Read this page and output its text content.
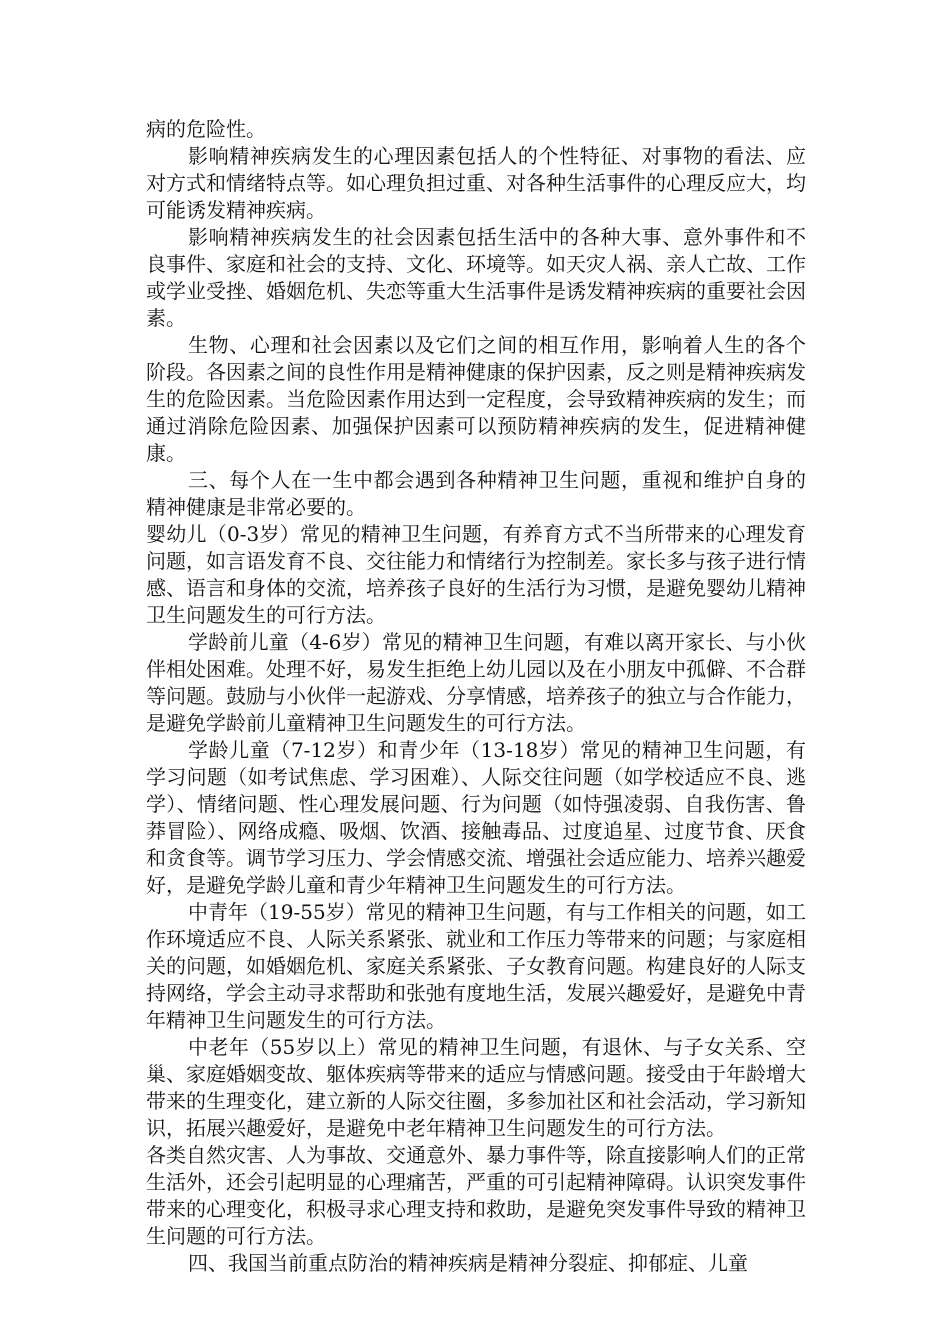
病的危险性。

影响精神疾病发生的心理因素包括人的个性特征、对事物的看法、应对方式和情绪特点等。如心理负担过重、对各种生活事件的心理反应大，均可能诱发精神疾病。

影响精神疾病发生的社会因素包括生活中的各种大事、意外事件和不良事件、家庭和社会的支持、文化、环境等。如天灾人祸、亲人亡故、工作或学业受挫、婚姻危机、失恋等重大生活事件是诱发精神疾病的重要社会因素。

生物、心理和社会因素以及它们之间的相互作用，影响着人生的各个阶段。各因素之间的良性作用是精神健康的保护因素，反之则是精神疾病发生的危险因素。当危险因素作用达到一定程度，会导致精神疾病的发生；而通过消除危险因素、加强保护因素可以预防精神疾病的发生，促进精神健康。

三、每个人在一生中都会遇到各种精神卫生问题，重视和维护自身的精神健康是非常必要的。

婴幼儿（0-3岁）常见的精神卫生问题，有养育方式不当所带来的心理发育问题，如言语发育不良、交往能力和情绪行为控制差。家长多与孩子进行情感、语言和身体的交流，培养孩子良好的生活行为习惯，是避免婴幼儿精神卫生问题发生的可行方法。

学龄前儿童（4-6岁）常见的精神卫生问题，有难以离开家长、与小伙伴相处困难。处理不好，易发生拒绝上幼儿园以及在小朋友中孤僻、不合群等问题。鼓励与小伙伴一起游戏、分享情感，培养孩子的独立与合作能力，是避免学龄前儿童精神卫生问题发生的可行方法。

学龄儿童（7-12岁）和青少年（13-18岁）常见的精神卫生问题，有学习问题（如考试焦虑、学习困难）、人际交往问题（如学校适应不良、逃学）、情绪问题、性心理发展问题、行为问题（如恃强凌弱、自我伤害、鲁莽冒险）、网络成瘾、吸烟、饮酒、接触毒品、过度追星、过度节食、厌食和贪食等。调节学习压力、学会情感交流、增强社会适应能力、培养兴趣爱好，是避免学龄儿童和青少年精神卫生问题发生的可行方法。

中青年（19-55岁）常见的精神卫生问题，有与工作相关的问题，如工作环境适应不良、人际关系紧张、就业和工作压力等带来的问题；与家庭相关的问题，如婚姻危机、家庭关系紧张、子女教育问题。构建良好的人际支持网络，学会主动寻求帮助和张弛有度地生活，发展兴趣爱好，是避免中青年精神卫生问题发生的可行方法。

中老年（55岁以上）常见的精神卫生问题，有退休、与子女关系、空巢、家庭婚姻变故、躯体疾病等带来的适应与情感问题。接受由于年龄增大带来的生理变化，建立新的人际交往圈，多参加社区和社会活动，学习新知识，拓展兴趣爱好，是避免中老年精神卫生问题发生的可行方法。

各类自然灾害、人为事故、交通意外、暴力事件等，除直接影响人们的正常生活外，还会引起明显的心理痛苦，严重的可引起精神障碍。认识突发事件带来的心理变化，积极寻求心理支持和救助，是避免突发事件导致的精神卫生问题的可行方法。

四、我国当前重点防治的精神疾病是精神分裂症、抑郁症、儿童
